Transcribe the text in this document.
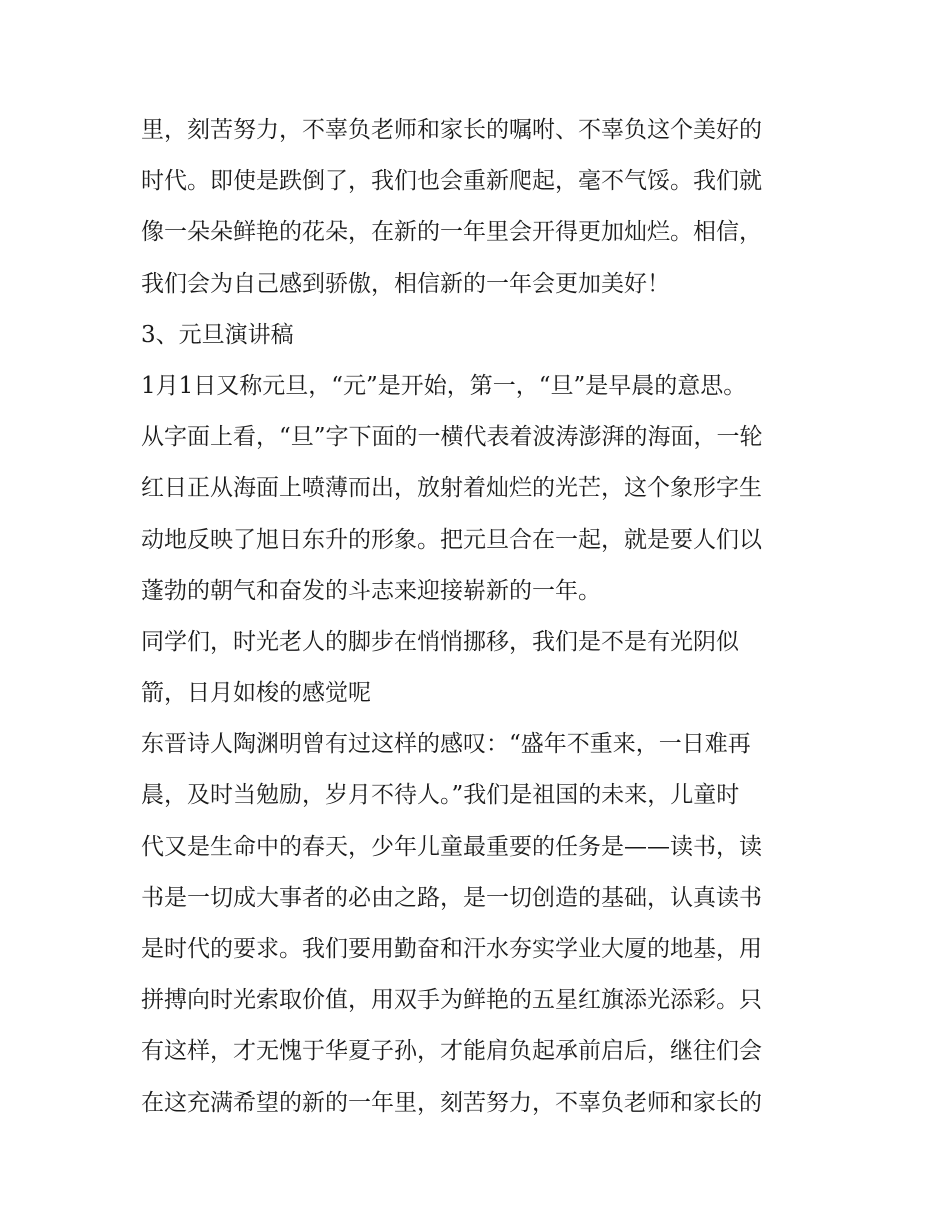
里，刻苦努力，不辜负老师和家长的嘱咐、不辜负这个美好的
时代。即使是跌倒了，我们也会重新爬起，毫不气馁。我们就
像一朵朵鲜艳的花朵，在新的一年里会开得更加灿烂。相信，
我们会为自己感到骄傲，相信新的一年会更加美好！
3、元旦演讲稿
1月1日又称元旦，“元”是开始，第一，“旦”是早晨的意思。
从字面上看，“旦”字下面的一横代表着波涛澎湃的海面，一轮
红日正从海面上喷薄而出，放射着灿烂的光芒，这个象形字生
动地反映了旭日东升的形象。把元旦合在一起，就是要人们以
蓬勃的朝气和奋发的斗志来迎接崭新的一年。
同学们，时光老人的脚步在悄悄挪移，我们是不是有光阴似
箭，日月如梭的感觉呢
东晋诗人陶渊明曾有过这样的感叹：“盛年不重来，一日难再
晨，及时当勉励，岁月不待人。”我们是祖国的未来，儿童时
代又是生命中的春天，少年儿童最重要的任务是——读书，读
书是一切成大事者的必由之路，是一切创造的基础，认真读书
是时代的要求。我们要用勤奋和汗水夯实学业大厦的地基，用
拼搏向时光索取价值，用双手为鲜艳的五星红旗添光添彩。只
有这样，才无愧于华夏子孙，才能肩负起承前启后，继往们会
在这充满希望的新的一年里，刻苦努力，不辜负老师和家长的
